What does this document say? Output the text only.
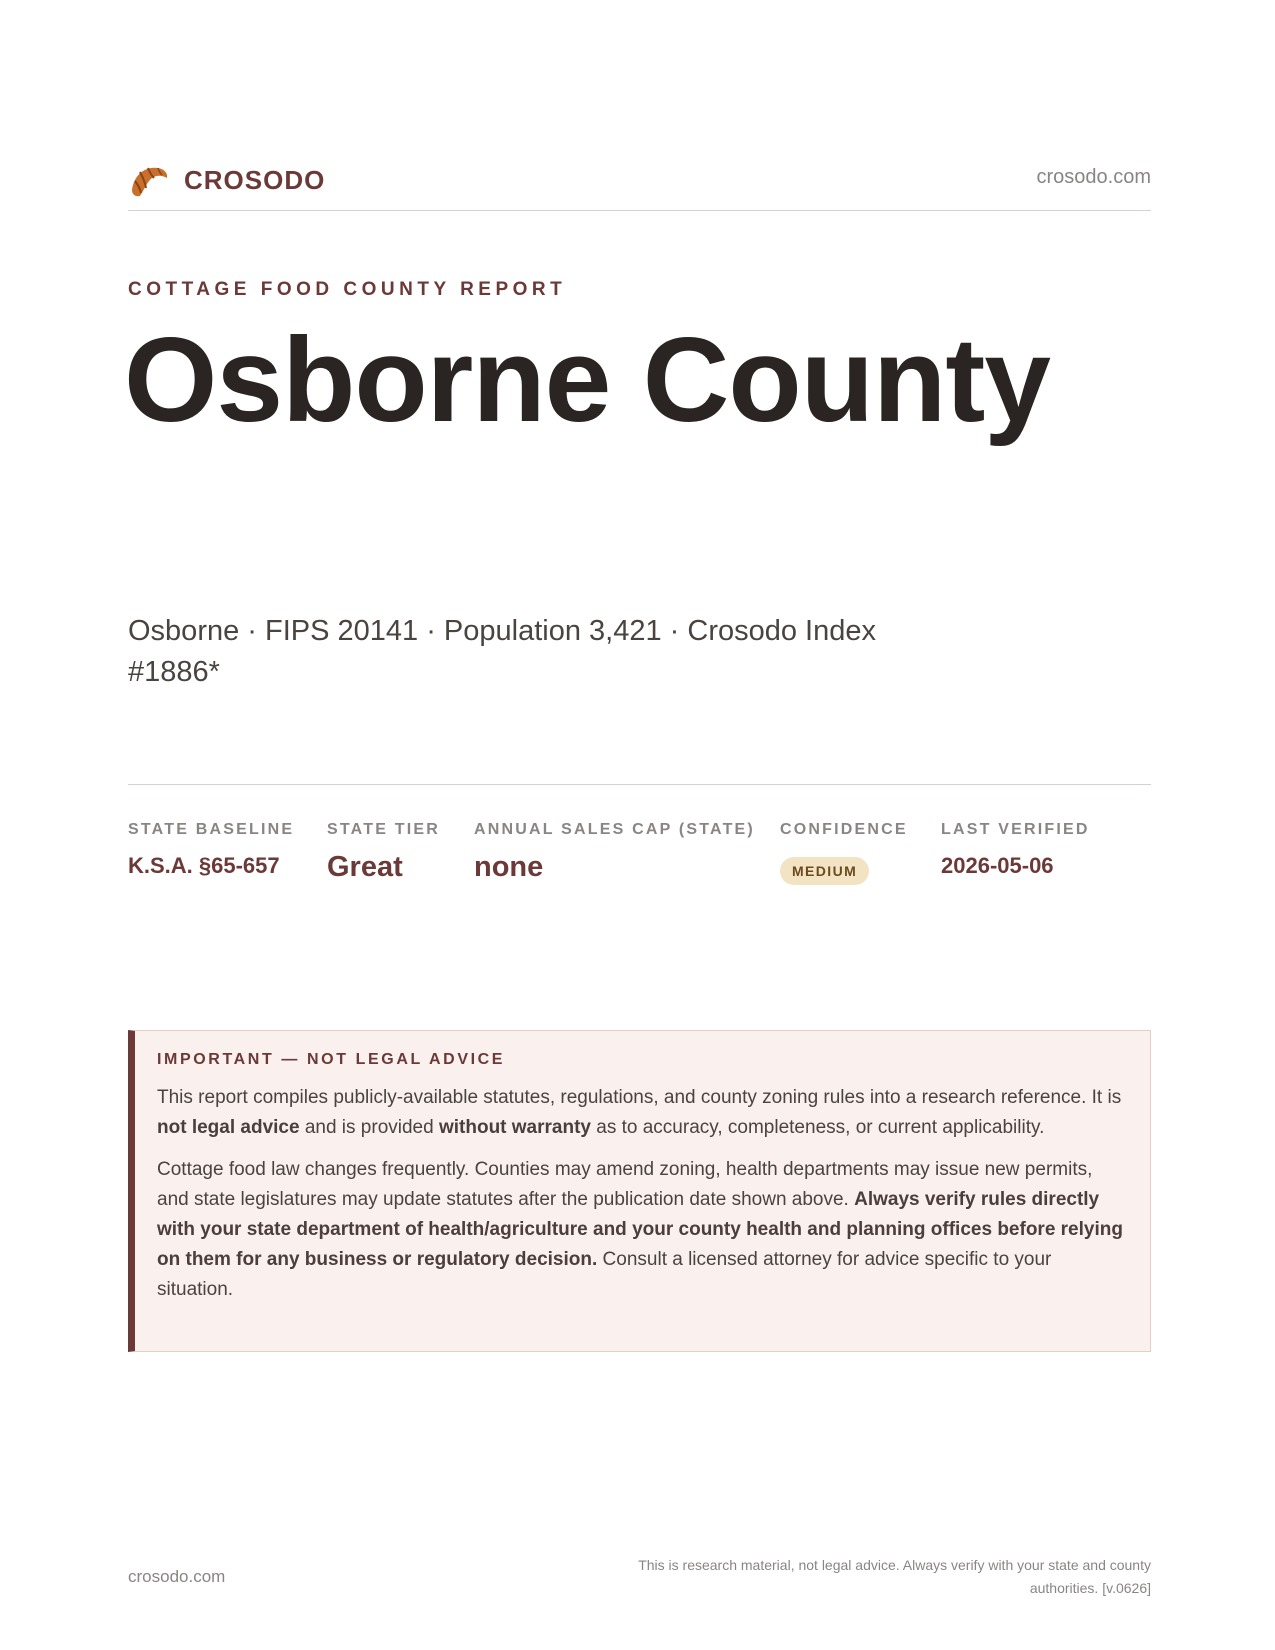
CROSODO	crosodo.com
COTTAGE FOOD COUNTY REPORT
Osborne County
Osborne · FIPS 20141 · Population 3,421 · Crosodo Index #1886*
STATE BASELINE
K.S.A. §65-657
STATE TIER
Great
ANNUAL SALES CAP (STATE)
none
CONFIDENCE
MEDIUM
LAST VERIFIED
2026-05-06
IMPORTANT — NOT LEGAL ADVICE

This report compiles publicly-available statutes, regulations, and county zoning rules into a research reference. It is not legal advice and is provided without warranty as to accuracy, completeness, or current applicability.

Cottage food law changes frequently. Counties may amend zoning, health departments may issue new permits, and state legislatures may update statutes after the publication date shown above. Always verify rules directly with your state department of health/agriculture and your county health and planning offices before relying on them for any business or regulatory decision. Consult a licensed attorney for advice specific to your situation.

crosodo.com
This is research material, not legal advice. Always verify with your state and county authorities. [v.0626]
